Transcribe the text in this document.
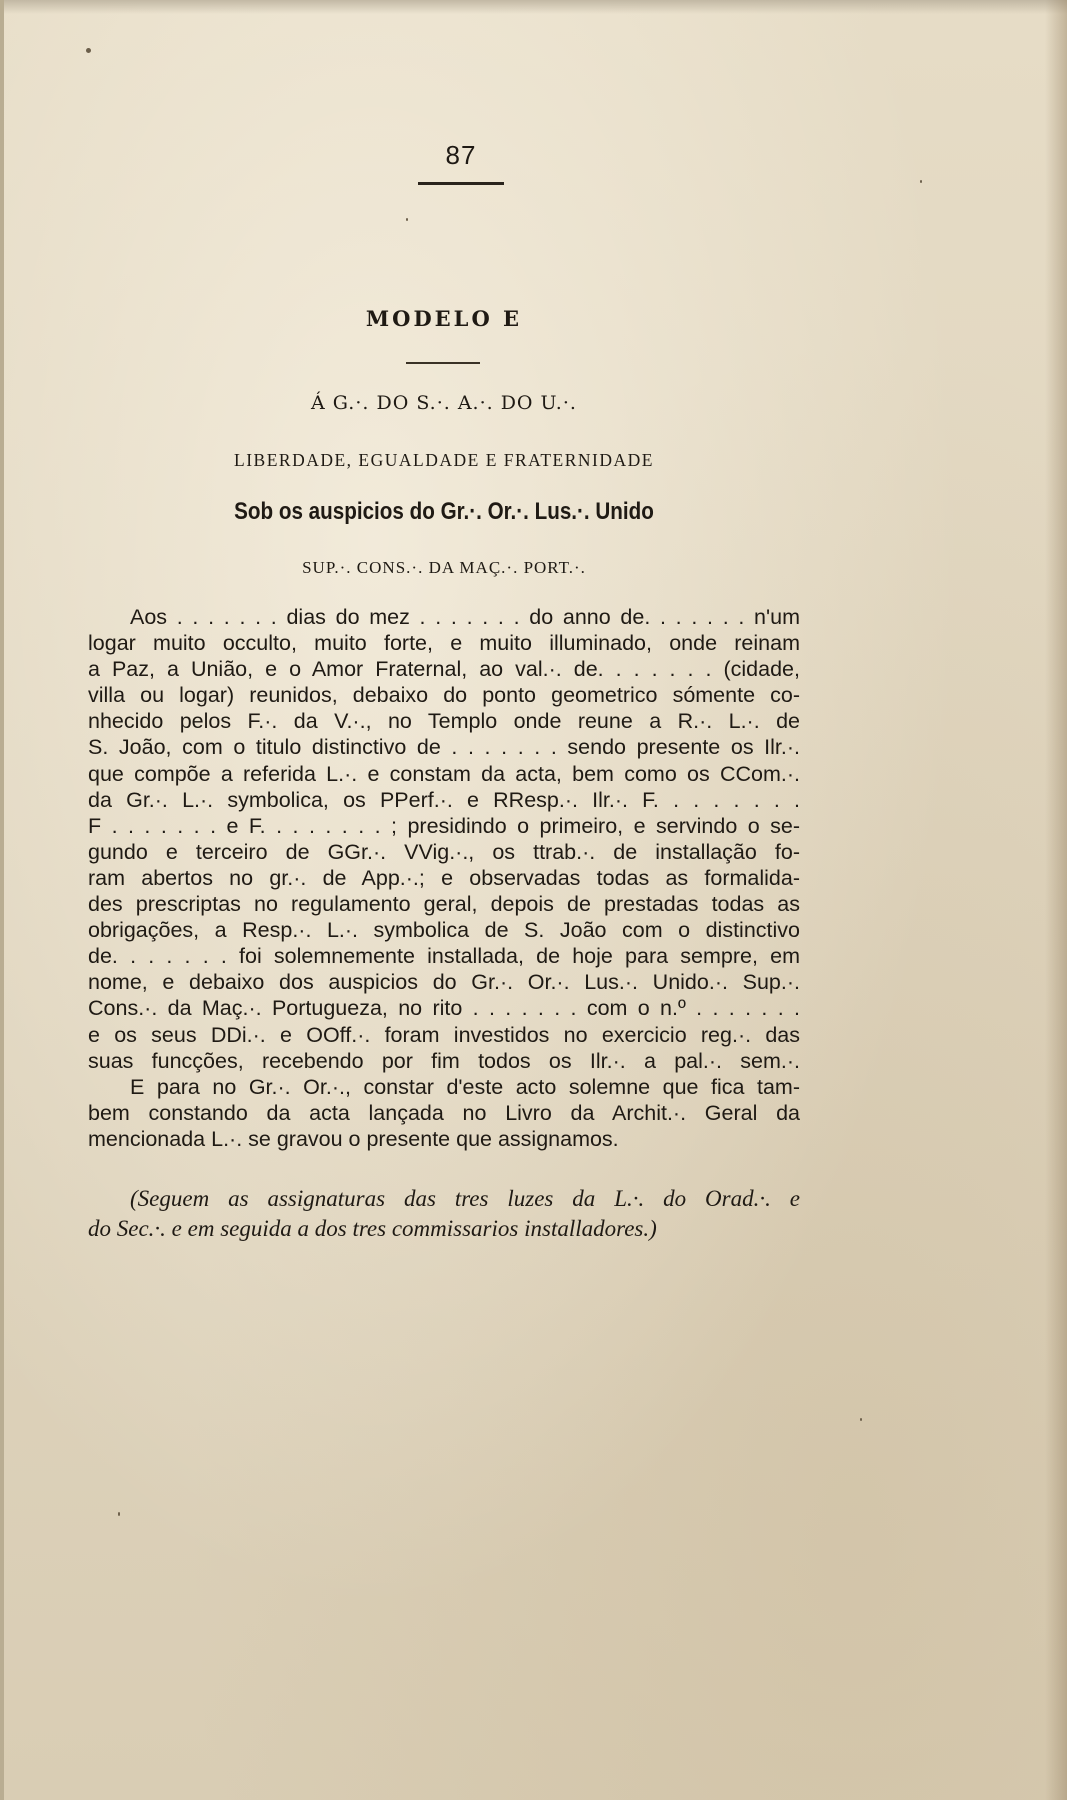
87
MODELO E
Á G.·. DO S.·. A.·. DO U.·.
LIBERDADE, EGUALDADE E FRATERNIDADE
Sob os auspicios do Gr.·. Or.·. Lus.·. Unido
SUP.·. CONS.·. DA MAÇ.·. PORT.·.
Aos . . . . . . . dias do mez . . . . . . . do anno de. . . . . . . n'um
logar muito occulto, muito forte, e muito illuminado, onde reinam
a Paz, a União, e o Amor Fraternal, ao val.·. de. . . . . . . (cidade,
villa ou logar) reunidos, debaixo do ponto geometrico sómente co-
nhecido pelos F.·. da V.·., no Templo onde reune a R.·. L.·. de
S. João, com o titulo distinctivo de . . . . . . . sendo presente os Ilr.·.
que compõe a referida L.·. e constam da acta, bem como os CCom.·.
da Gr.·. L.·. symbolica, os PPerf.·. e RResp.·. Ilr.·. F. . . . . . . .
F . . . . . . . e F. . . . . . . . ; presidindo o primeiro, e servindo o se-
gundo e terceiro de GGr.·. VVig.·., os ttrab.·. de installação fo-
ram abertos no gr.·. de App.·.; e observadas todas as formalida-
des prescriptas no regulamento geral, depois de prestadas todas as
obrigações, a Resp.·. L.·. symbolica de S. João com o distinctivo
de. . . . . . . foi solemnemente installada, de hoje para sempre, em
nome, e debaixo dos auspicios do Gr.·. Or.·. Lus.·. Unido.·. Sup.·.
Cons.·. da Maç.·. Portugueza, no rito . . . . . . . com o n.º . . . . . . .
e os seus DDi.·. e OOff.·. foram investidos no exercicio reg.·. das
suas funcções, recebendo por fim todos os Ilr.·. a pal.·. sem.·.
E para no Gr.·. Or.·., constar d'este acto solemne que fica tam-
bem constando da acta lançada no Livro da Archit.·. Geral da
mencionada L.·. se gravou o presente que assignamos.
(Seguem as assignaturas das tres luzes da L.·. do Orad.·. e
do Sec.·. e em seguida a dos tres commissarios installadores.)
